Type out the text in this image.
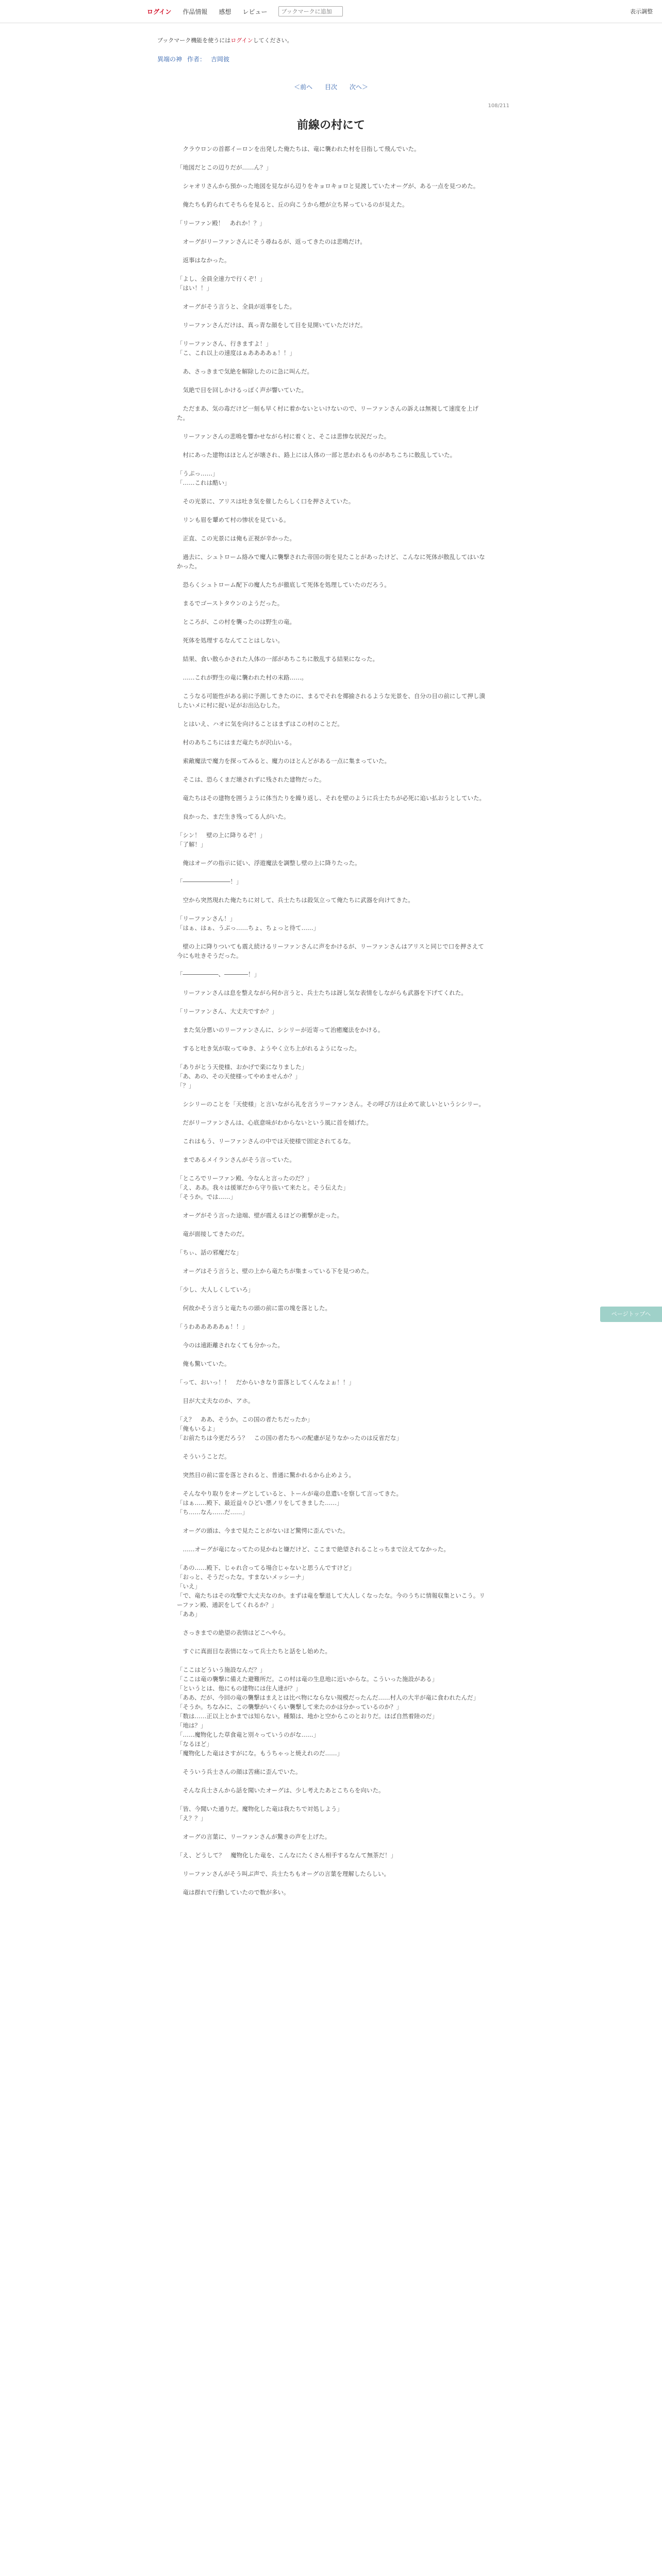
ログイン 作品情報 感想 レビュー
ブックマークに追加	表示調整
ブックマーク機能を使うにはログインしてください。
異端の神 作者： 吉岡彼
＜前へ 目次 次へ＞
108/211
前線の村にて

　クラウロンの首都イーロンを出発した俺たちは、竜に襲われた村を目指して飛んでいた。

「地図だとこの辺りだが……ん？」

　シャオリさんから預かった地図を見ながら辺りをキョロキョロと見渡していたオーグが、ある一点を見つめた。

　俺たちも釣られてそちらを見ると、丘の向こうから煙が立ち昇っているのが見えた。

「リーファン殿！　あれか！？」

　オーグがリーファンさんにそう尋ねるが、返ってきたのは悲鳴だけ。

　返事はなかった。

「よし、全員全速力で行くぞ！」
「はい！！」

　オーグがそう言うと、全員が返事をした。

　リーファンさんだけは、真っ青な顔をして目を見開いていただけだ。

「リーファンさん、行きますよ！」
「こ、これ以上の速度はぁああああぁ！！」

　あ、さっきまで気絶を解除したのに急に叫んだ。

　気絶で目を回しかけるっぽく声が響いていた。

　ただまあ、気の毒だけど一刻も早く村に着かないといけないので、リーファンさんの訴えは無視して速度を上げた。

　リーファンさんの悲鳴を響かせながら村に着くと、そこは悲惨な状況だった。

　村にあった建物はほとんどが壊され、路上には人体の一部と思われるものがあちこちに散乱していた。

「うぷっ……」
「……これは酷い」

　その光景に、アリスは吐き気を催したらしく口を押さえていた。

　リンも眉を顰めて村の惨状を見ている。

　正直、この光景には俺も正視が辛かった。

　過去に、シュトローム絡みで魔人に襲撃された帝国の街を見たことがあったけど、こんなに死体が散乱してはいなかった。

　恐らくシュトローム配下の魔人たちが徹底して死体を処理していたのだろう。

　まるでゴーストタウンのようだった。

　ところが、この村を襲ったのは野生の竜。

　死体を処理するなんてことはしない。

　結果、食い散らかされた人体の一部があちこちに散乱する結果になった。

　……これが野生の竜に襲われた村の末路……。

　こうなる可能性がある前に予測してきたのに、まるでそれを揶揄されるような光景を、自分の目の前にして押し潰したいメに村に捉い足がお出込むした。

　とはいえ、ハオに気を向けることはまずはこの村のことだ。

　村のあちこちにはまだ竜たちが沢山いる。

　索敵魔法で魔力を探ってみると、魔力のほとんどがある一点に集まっていた。

　そこは、恐らくまだ壊されずに残された建物だった。

　竜たちはその建物を囲うように体当たりを繰り返し、それを壁のように兵士たちが必死に追い払おうとしていた。

　良かった、まだ生き残ってる人がいた。

「シン！　壁の上に降りるぞ！」
「了解！」

　俺はオーグの指示に従い、浮遊魔法を調整し壁の上に降りたった。

「――――――――！」

　空から突然現れた俺たちに対して、兵士たちは殺気立って俺たちに武器を向けてきた。

「リーファンさん！」
「はぁ、はぁ、うぷっ……ちょ、ちょっと待て……」

　壁の上に降りついても震え続けるリーファンさんに声をかけるが、リーファンさんはアリスと同じで口を押さえて今にも吐きそうだった。

「――――――、――――！」

　リーファンさんは息を整えながら何か言うと、兵士たちは訝し気な表情をしながらも武器を下げてくれた。

「リーファンさん、大丈夫ですか？」

　また気分悪いのリーファンさんに、シシリーが近寄って治癒魔法をかける。

　すると吐き気が取ってゆき、ようやく立ち上がれるようになった。

「ありがとう天使様、おかげで楽になりました」
「あ、あの、その天使様ってやめませんか？」
「？」

　シシリーのことを「天使様」と言いながら礼を言うリーファンさん。その呼び方は止めて欲しいというシシリー。

　だがリーファンさんは、心底意味がわからないという風に首を傾げた。

　これはもう、リーファンさんの中では天使様で固定されてるな。

　まであるメイランさんがそう言っていた。

「ところでリーファン殿、今なんと言ったのだ？」
「え、ああ。我々は援軍だから守り抜いて来たと。そう伝えた」
「そうか。では……」

　オーグがそう言った途端、壁が震えるほどの衝撃が走った。

　竜が面接してきたのだ。

「ちぃ、話の邪魔だな」

　オーグはそう言うと、壁の上から竜たちが集まっている下を見つめた。

「少し、大人しくしていろ」

　何故かそう言うと竜たちの頭の前に雷の塊を落とした。

「うわあああああぁ！！」

　今のは遠距離されなくても分かった。

　俺も驚いていた。

「って、おいっ！！　だからいきなり雷落としてくんなよぉ！！」

　目が大丈夫なのか、アホ。

「え？　ああ、そうか。この国の者たちだったか」
「俺もいるよ」
「お前たちは今更だろう？　この国の者たちへの配慮が足りなかったのは反省だな」

　そういうことだ。

　突然目の前に雷を落とされると、普通に驚かれるから止めよう。

　そんなやり取りをオーグとしていると、トールが竜の息遣いを察して言ってきた。
「はぁ……殿下、最近益々ひどい悪ノリをしてきました……」
「ち……なん……だ……」

　オーグの頭は、今まで見たことがないほど驚愕に歪んでいた。

　……オーグが竜になってたの見かねと嫌だけど、ここまで絶望されることっちまで泣えてなかった。

「あの……殿下、じゃれ合ってる場合じゃないと思うんですけど」
「おっと、そうだったな。すまないメッシーナ」
「いえ」
「で、竜たちはその攻撃で大丈夫なのか。まずは竜を撃退して大人しくなったな。今のうちに情報収集といこう。リーファン殿、通訳をしてくれるか？」
「ああ」

　さっきまでの絶望の表情はどこへやら。

　すぐに真面目な表情になって兵士たちと話をし始めた。

「ここはどういう施設なんだ？」
「ここは竜の襲撃に備えた避難所だ。この村は竜の生息地に近いからな。こういった施設がある」
「というとは、他にもの建物には住人達が？」
「ああ、だが、今回の竜の襲撃はまえとは比べ物にならない規模だったんだ……村人の大半が竜に食われたんだ」
「そうか。ちなみに、この襲撃がいくらい襲撃して来たのかは分かっているのか？」
「数は……正以上とかまでは知らない。種類は、地かと空からこのとおりだ。ほば自然着陸のだ」
「地は？」
「……魔物化した草食竜と別々っていうのがな……」
「なるほど」
「魔物化した竜はさすがにな。もうちゃっと焼えれのだ……」

　そういう兵士さんの顔は苦痛に歪んでいた。

　そんな兵士さんから話を聞いたオーグは、少し考えたあとこちらを向いた。

「皆、今聞いた通りだ。魔物化した竜は我たちで対処しよう」
「え？？」

　オーグの言葉に、リーファンさんが驚きの声を上げた。

「え、どうして？　魔物化した竜を、こんなにたくさん相手するなんて無茶だ！」

　リーファンさんがそう叫ぶ声で、兵士たちもオーグの言葉を理解したらしい。

　竜は群れで行動していたので数が多い。

ページトップへ
